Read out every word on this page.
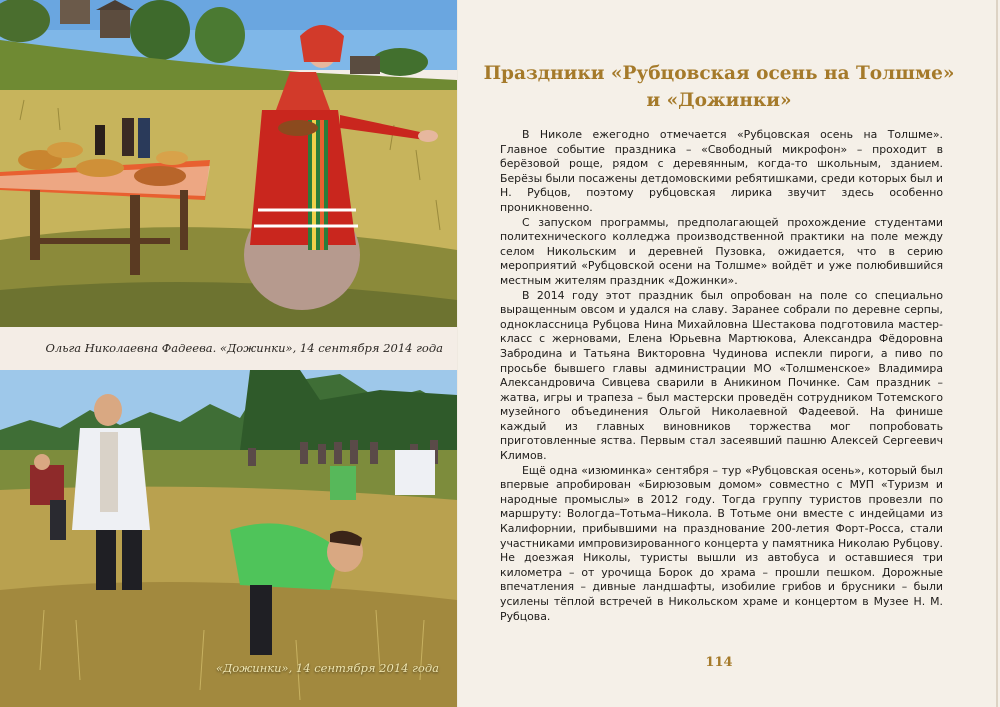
Ольга Николаевна Фадеева. «Дожинки», 14 сентября 2014 года
«Дожинки», 14 сентября 2014 года
Праздники «Рубцовская осень на Толшме»
и «Дожинки»

В Николе ежегодно отмечается «Рубцовская осень на Толшме». Главное событие праздника – «Свободный микрофон» – проходит в берёзовой роще, рядом с деревянным, когда-то школьным, зданием. Берёзы были посажены детдомовскими ребятишками, среди которых был и Н. Рубцов, поэтому рубцовская лирика звучит здесь особенно проникновенно.

С запуском программы, предполагающей прохождение студентами политехнического колледжа производственной практики на поле между селом Никольским и деревней Пузовка, ожидается, что в серию мероприятий «Рубцовской осени на Толшме» войдёт и уже полюбившийся местным жителям праздник «Дожинки».

В 2014 году этот праздник был опробован на поле со специально выращенным овсом и удался на славу. Заранее собрали по деревне серпы, одноклассница Рубцова Нина Михайловна Шестакова подготовила мастер-класс с жерновами, Елена Юрьевна Мартюкова, Александра Фёдоровна Забродина и Татьяна Викторовна Чудинова испекли пироги, а пиво по просьбе бывшего главы администрации МО «Толшменское» Владимира Александровича Сивцева сварили в Аникином Починке. Сам праздник – жатва, игры и трапеза – был мастерски проведён сотрудником Тотемского музейного объединения Ольгой Николаевной Фадеевой. На финише каждый из главных виновников торжества мог попробовать приготовленные яства. Первым стал засеявший пашню Алексей Сергеевич Климов.

Ещё одна «изюминка» сентября – тур «Рубцовская осень», который был впервые апробирован «Бирюзовым домом» совместно с МУП «Туризм и народные промыслы» в 2012 году. Тогда группу туристов провезли по маршруту: Вологда–Тотьма–Никола. В Тотьме они вместе с индейцами из Калифорнии, прибывшими на празднование 200-летия Форт-Росса, стали участниками импровизированного концерта у памятника Николаю Рубцову. Не доезжая Николы, туристы вышли из автобуса и оставшиеся три километра – от урочища Борок до храма – прошли пешком. Дорожные впечатления – дивные ландшафты, изобилие грибов и брусники – были усилены тёплой встречей в Никольском храме и концертом в Музее Н. М. Рубцова.

114
